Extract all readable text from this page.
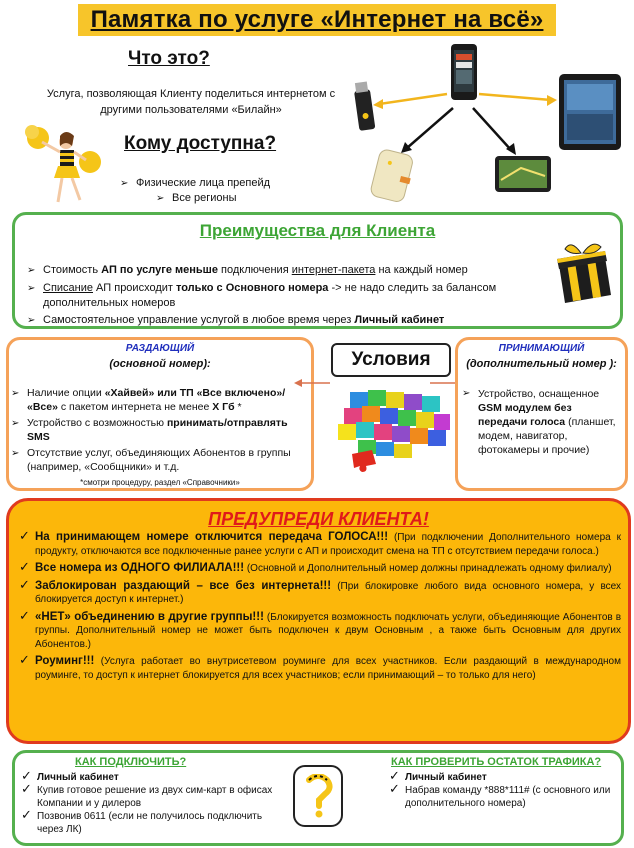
Памятка по услуге «Интернет на всё»
Что это?
Услуга, позволяющая Клиенту поделиться интернетом с другими пользователями «Билайн»
Кому доступна?
➢ Физические лица препейд
➢ Все регионы
Преимущества для Клиента
➢ Стоимость АП по услуге меньше подключения интернет-пакета на каждый номер
➢ Списание АП происходит только с Основного номера -> не надо следить за балансом дополнительных номеров
➢ Самостоятельное управление услугой в любое время через Личный кабинет
РАЗДАЮЩИЙ
(основной номер):
➢ Наличие опции «Хайвей» или ТП «Все включено»/ «Все» с пакетом интернета не менее Х Гб *
➢ Устройство с возможностью принимать/отправлять SMS
➢ Отсутствие услуг, объединяющих Абонентов в группы (например, «Сообщники» и т.д.
*смотри процедуру, раздел «Справочники»
Условия
ПРИНИМАЮЩИЙ
(дополнительный номер ):
➢ Устройство, оснащенное GSM модулем без передачи голоса (планшет, модем, навигатор, фотокамеры и прочие)
ПРЕДУПРЕДИ КЛИЕНТА!
✓ На принимающем номере отключится передача ГОЛОСА!!! (При подключении Дополнительного номера к продукту, отключаются все подключенные ранее услуги с АП и происходит смена на ТП с отсутствием передачи голоса.)
✓ Все номера из ОДНОГО ФИЛИАЛА!!! (Основной и Дополнительный номер должны принадлежать одному филиалу)
✓ Заблокирован раздающий – все без интернета!!! (При блокировке любого вида основного номера, у всех блокируется доступ к интернет.)
✓ «НЕТ» объединению в другие группы!!! (Блокируется возможность подключать услуги, объединяющие Абонентов в группы. Дополнительный номер не может быть подключен к двум Основным , а также быть Основным для других Абонентов.)
✓ Роуминг!!! (Услуга работает во внутрисетевом роуминге для всех участников. Если раздающий в международном роуминге, то доступ к интернет блокируется для всех участников; если принимающий – то только для него)
КАК ПОДКЛЮЧИТЬ?
✓ Личный кабинет
✓ Купив готовое решение из двух сим-карт в офисах Компании и у дилеров
✓ Позвонив 0611 (если не получилось подключить через ЛК)
КАК ПРОВЕРИТЬ ОСТАТОК ТРАФИКА?
✓ Личный кабинет
✓ Набрав команду *888*111# (с основного или дополнительного номера)
